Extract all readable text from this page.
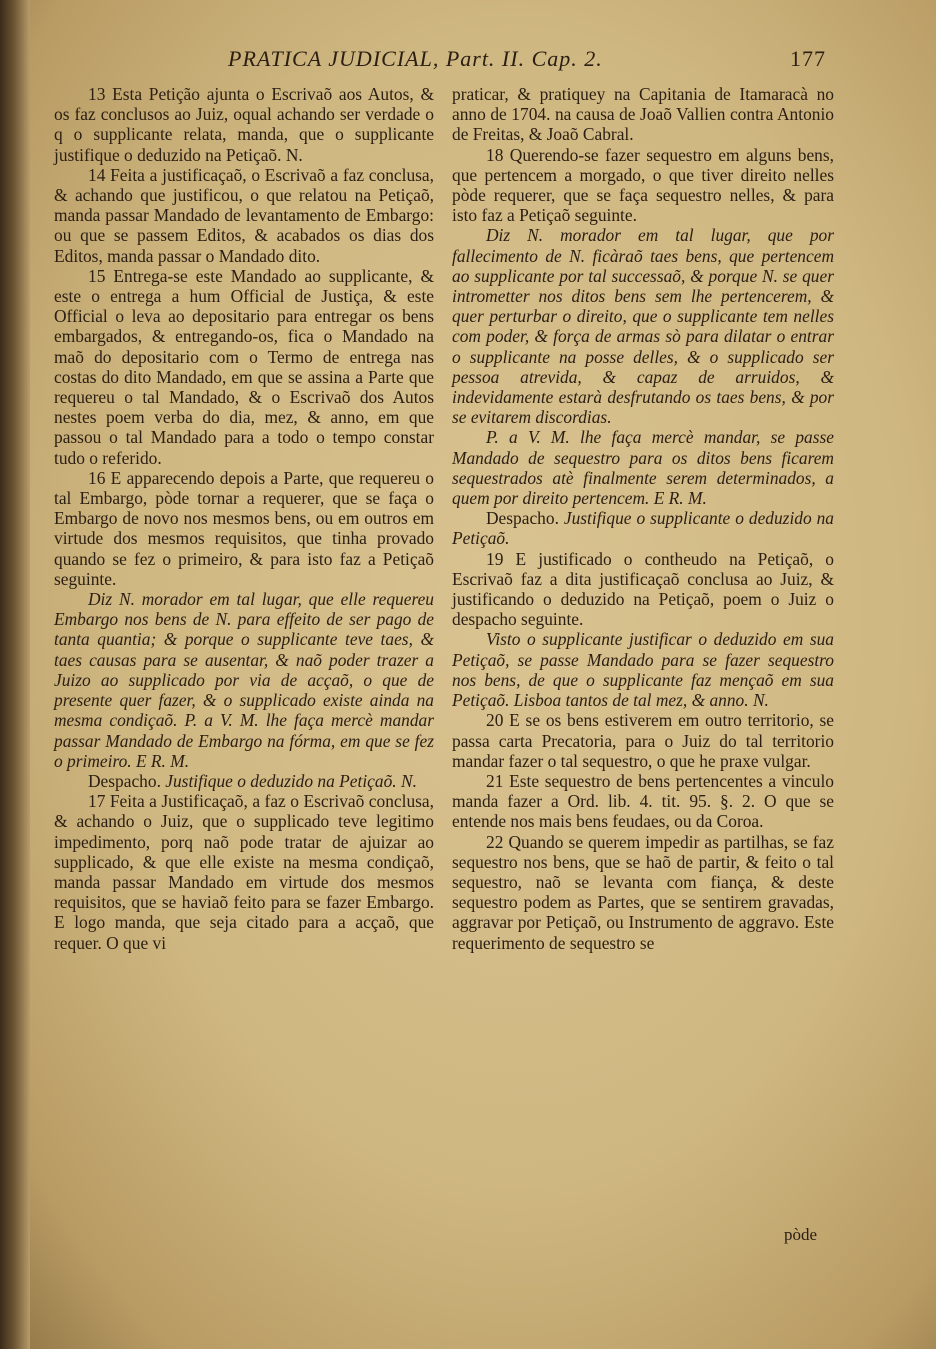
PRATICA JUDICIAL, Part. II. Cap. 2.	177

13 Esta Petição ajunta o Escrivaõ aos Autos, & os faz conclusos ao Juiz, oqual achando ser verdade o q o supplicante relata, manda, que o supplicante justifique o deduzido na Petiçaõ. N.

14 Feita a justificaçaõ, o Escrivaõ a faz conclusa, & achando que justificou, o que relatou na Petiçaõ, manda passar Mandado de levantamento de Embargo: ou que se passem Editos, & acabados os dias dos Editos, manda passar o Mandado dito.

15 Entrega-se este Mandado ao supplicante, & este o entrega a hum Official de Justiça, & este Official o leva ao depositario para entregar os bens embargados, & entregando-os, fica o Mandado na maõ do depositario com o Termo de entrega nas costas do dito Mandado, em que se assina a Parte que requereu o tal Mandado, & o Escrivaõ dos Autos nestes poem verba do dia, mez, & anno, em que passou o tal Mandado para a todo o tempo constar tudo o referido.

16 E apparecendo depois a Parte, que requereu o tal Embargo, pòde tornar a requerer, que se faça o Embargo de novo nos mesmos bens, ou em outros em virtude dos mesmos requisitos, que tinha provado quando se fez o primeiro, & para isto faz a Petiçaõ seguinte.

Diz N. morador em tal lugar, que elle requereu Embargo nos bens de N. para effeito de ser pago de tanta quantia; & porque o supplicante teve taes, & taes causas para se ausentar, & naõ poder trazer a Juizo ao supplicado por via de acçaõ, o que de presente quer fazer, & o supplicado existe ainda na mesma condiçaõ. P. a V. M. lhe faça mercè mandar passar Mandado de Embargo na fórma, em que se fez o primeiro. E R. M.

Despacho. Justifique o deduzido na Petiçaõ. N.

17 Feita a Justificaçaõ, a faz o Escrivaõ conclusa, & achando o Juiz, que o supplicado teve legitimo impedimento, porq naõ pode tratar de ajuizar ao supplicado, & que elle existe na mesma condiçaõ, manda passar Mandado em virtude dos mesmos requisitos, que se haviaõ feito para se fazer Embargo. E logo manda, que seja citado para a acçaõ, que requer. O que vi

praticar, & pratiquey na Capitania de Itamaracà no anno de 1704. na causa de Joaõ Vallien contra Antonio de Freitas, & Joaõ Cabral.

18 Querendo-se fazer sequestro em alguns bens, que pertencem a morgado, o que tiver direito nelles pòde requerer, que se faça sequestro nelles, & para isto faz a Petiçaõ seguinte.

Diz N. morador em tal lugar, que por fallecimento de N. ficàraõ taes bens, que pertencem ao supplicante por tal successaõ, & porque N. se quer intrometter nos ditos bens sem lhe pertencerem, & quer perturbar o direito, que o supplicante tem nelles com poder, & força de armas sò para dilatar o entrar o supplicante na posse delles, & o supplicado ser pessoa atrevida, & capaz de arruidos, & indevidamente estarà desfrutando os taes bens, & por se evitarem discordias.

P. a V. M. lhe faça mercè mandar, se passe Mandado de sequestro para os ditos bens ficarem sequestrados atè finalmente serem determinados, a quem por direito pertencem. E R. M.

Despacho. Justifique o supplicante o deduzido na Petiçaõ.

19 E justificado o contheudo na Petiçaõ, o Escrivaõ faz a dita justificaçaõ conclusa ao Juiz, & justificando o deduzido na Petiçaõ, poem o Juiz o despacho seguinte.

Visto o supplicante justificar o deduzido em sua Petiçaõ, se passe Mandado para se fazer sequestro nos bens, de que o supplicante faz mençaõ em sua Petiçaõ. Lisboa tantos de tal mez, & anno. N.

20 E se os bens estiverem em outro territorio, se passa carta Precatoria, para o Juiz do tal territorio mandar fazer o tal sequestro, o que he praxe vulgar.

21 Este sequestro de bens pertencentes a vinculo manda fazer a Ord. lib. 4. tit. 95. §. 2. O que se entende nos mais bens feudaes, ou da Coroa.

22 Quando se querem impedir as partilhas, se faz sequestro nos bens, que se haõ de partir, & feito o tal sequestro, naõ se levanta com fiança, & deste sequestro podem as Partes, que se sentirem gravadas, aggravar por Petiçaõ, ou Instrumento de aggravo. Este requerimento de sequestro se

pòde
